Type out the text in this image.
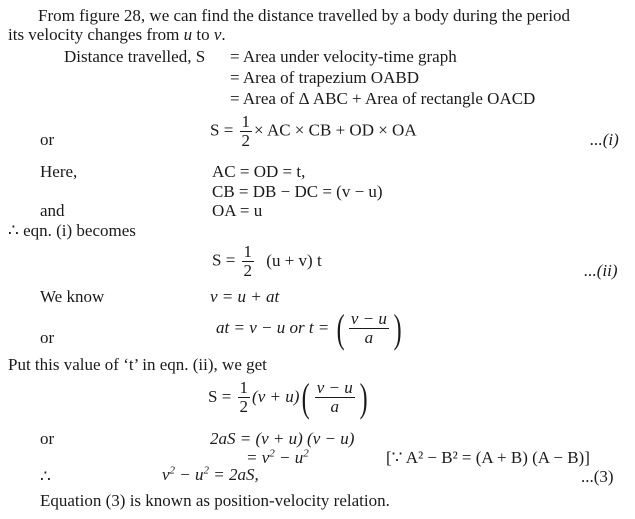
From figure 28, we can find the distance travelled by a body during the period
its velocity changes from u to v.
Distance travelled, S = Area under velocity-time graph
= Area of trapezium OABD
= Area of Δ ABC + Area of rectangle OACD
or	$S = \frac{1}{2}$ × AC × CB + OD × OA	...(i)
Here,	AC = OD = t,
CB = DB − DC = (v − u)
and	OA = u
∴ eqn. (i) becomes
$S = \frac{1}{2} (u + v)$ t
...(ii)
We know	v = u + at
or
at = v − u or t = ( $\frac{v - u}{a}$ )
Put this value of ‘t’ in eqn. (ii), we get
$S = \frac{1}{2} (v + u)( \frac{v - u}{a}$ )
or	2aS = (v + u) (v − u)
= $v^2 - u^2$	[∵ A² − B² = (A + B) (A − B)]
∴	$v^2 - u^2 = 2aS$,	...(3)
Equation (3) is known as position-velocity relation.
